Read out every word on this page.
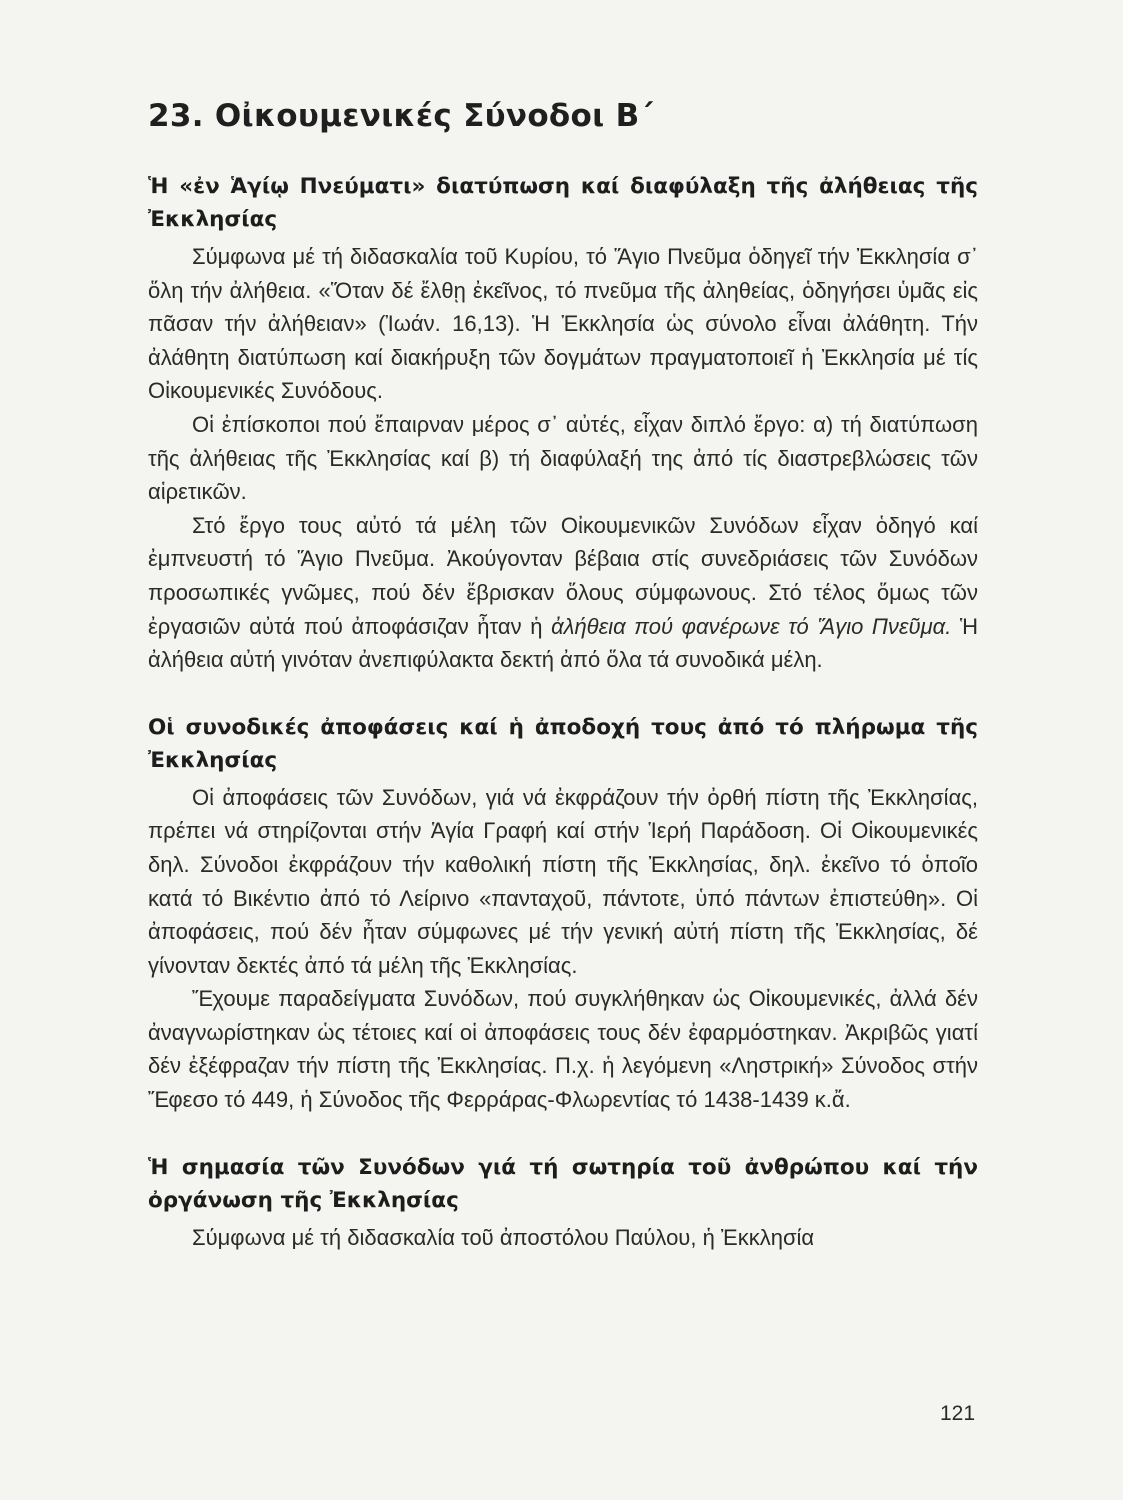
23. Οἰκουμενικές Σύνοδοι Β΄
Ἡ «ἐν Ἁγίῳ Πνεύματι» διατύπωση καί διαφύλαξη τῆς ἀλήθειας τῆς Ἐκκλησίας

Σύμφωνα μέ τή διδασκαλία τοῦ Κυρίου, τό Ἅγιο Πνεῦμα ὁδηγεῖ τήν Ἐκκλησία σ᾿ ὅλη τήν ἀλήθεια. «Ὅταν δέ ἔλθῃ ἐκεῖνος, τό πνεῦμα τῆς ἀληθείας, ὁδηγήσει ὑμᾶς εἰς πᾶσαν τήν ἀλήθειαν» (Ἰωάν. 16,13). Ἡ Ἐκκλησία ὡς σύνολο εἶναι ἀλάθητη. Τήν ἀλάθητη διατύπωση καί διακήρυξη τῶν δογμάτων πραγματοποιεῖ ἡ Ἐκκλησία μέ τίς Οἰκουμενικές Συνόδους.

Οἱ ἐπίσκοποι πού ἔπαιρναν μέρος σ᾿ αὐτές, εἶχαν διπλό ἔργο: α) τή διατύπωση τῆς ἀλήθειας τῆς Ἐκκλησίας καί β) τή διαφύλαξή της ἀπό τίς διαστρεβλώσεις τῶν αἱρετικῶν.

Στό ἔργο τους αὐτό τά μέλη τῶν Οἰκουμενικῶν Συνόδων εἶχαν ὁδηγό καί ἐμπνευστή τό Ἅγιο Πνεῦμα. Ἀκούγονταν βέβαια στίς συνεδριάσεις τῶν Συνόδων προσωπικές γνῶμες, πού δέν ἔβρισκαν ὅλους σύμφωνους. Στό τέλος ὅμως τῶν ἐργασιῶν αὐτά πού ἀποφάσιζαν ἦταν ἡ ἀλήθεια πού φανέρωνε τό Ἅγιο Πνεῦμα. Ἡ ἀλήθεια αὐτή γινόταν ἀνεπιφύλακτα δεκτή ἀπό ὅλα τά συνοδικά μέλη.

Οἱ συνοδικές ἀποφάσεις καί ἡ ἀποδοχή τους ἀπό τό πλήρωμα τῆς Ἐκκλησίας

Οἱ ἀποφάσεις τῶν Συνόδων, γιά νά ἐκφράζουν τήν ὀρθή πίστη τῆς Ἐκκλησίας, πρέπει νά στηρίζονται στήν Ἁγία Γραφή καί στήν Ἱερή Παράδοση. Οἱ Οἰκουμενικές δηλ. Σύνοδοι ἐκφράζουν τήν καθολική πίστη τῆς Ἐκκλησίας, δηλ. ἐκεῖνο τό ὁποῖο κατά τό Βικέντιο ἀπό τό Λείρινο «πανταχοῦ, πάντοτε, ὑπό πάντων ἐπιστεύθη». Οἱ ἀποφάσεις, πού δέν ἦταν σύμφωνες μέ τήν γενική αὐτή πίστη τῆς Ἐκκλησίας, δέ γίνονταν δεκτές ἀπό τά μέλη τῆς Ἐκκλησίας.

Ἔχουμε παραδείγματα Συνόδων, πού συγκλήθηκαν ὡς Οἰκουμενικές, ἀλλά δέν ἀναγνωρίστηκαν ὡς τέτοιες καί οἱ ἀποφάσεις τους δέν ἐφαρμόστηκαν. Ἀκριβῶς γιατί δέν ἐξέφραζαν τήν πίστη τῆς Ἐκκλησίας. Π.χ. ἡ λεγόμενη «Ληστρική» Σύνοδος στήν Ἔφεσο τό 449, ἡ Σύνοδος τῆς Φερράρας-Φλωρεντίας τό 1438-1439 κ.ἄ.

Ἡ σημασία τῶν Συνόδων γιά τή σωτηρία τοῦ ἀνθρώπου καί τήν ὀργάνωση τῆς Ἐκκλησίας

Σύμφωνα μέ τή διδασκαλία τοῦ ἀποστόλου Παύλου, ἡ Ἐκκλησία

121
